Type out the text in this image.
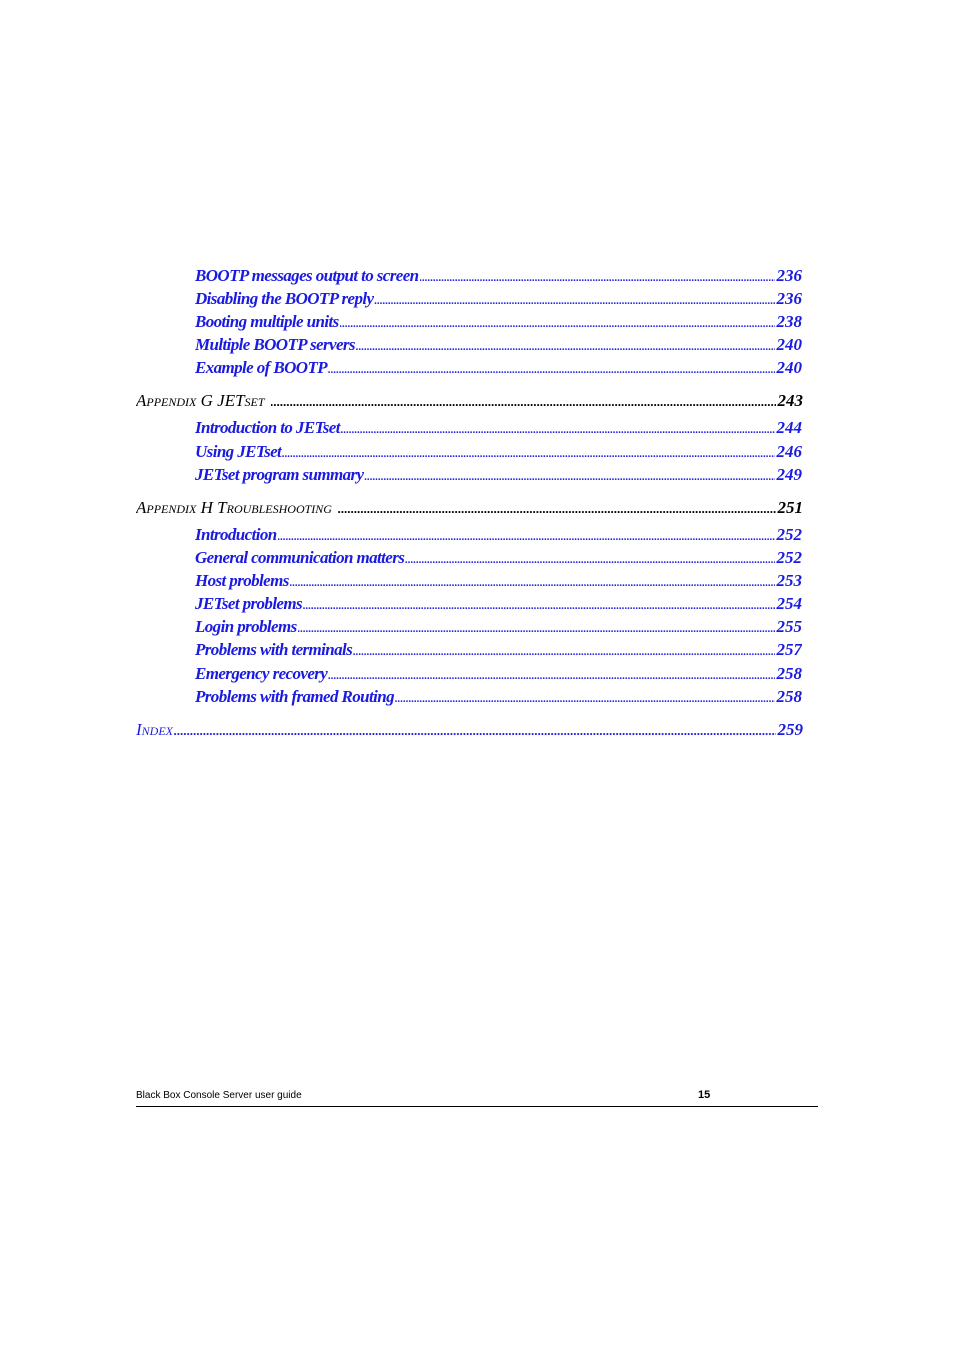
BOOTP messages output to screen .....	236
Disabling the BOOTP reply .....	236
Booting multiple units .....	238
Multiple BOOTP servers .....	240
Example of BOOTP .....	240
Appendix G JETset .....	243
Introduction to JETset .....	244
Using JETset .....	246
JETset program summary .....	249
Appendix H Troubleshooting .....	251
Introduction .....	252
General communication matters .....	252
Host problems .....	253
JETset problems .....	254
Login problems .....	255
Problems with terminals .....	257
Emergency recovery .....	258
Problems with framed Routing .....	258
Index .....	259
Black Box Console Server user guide	15
